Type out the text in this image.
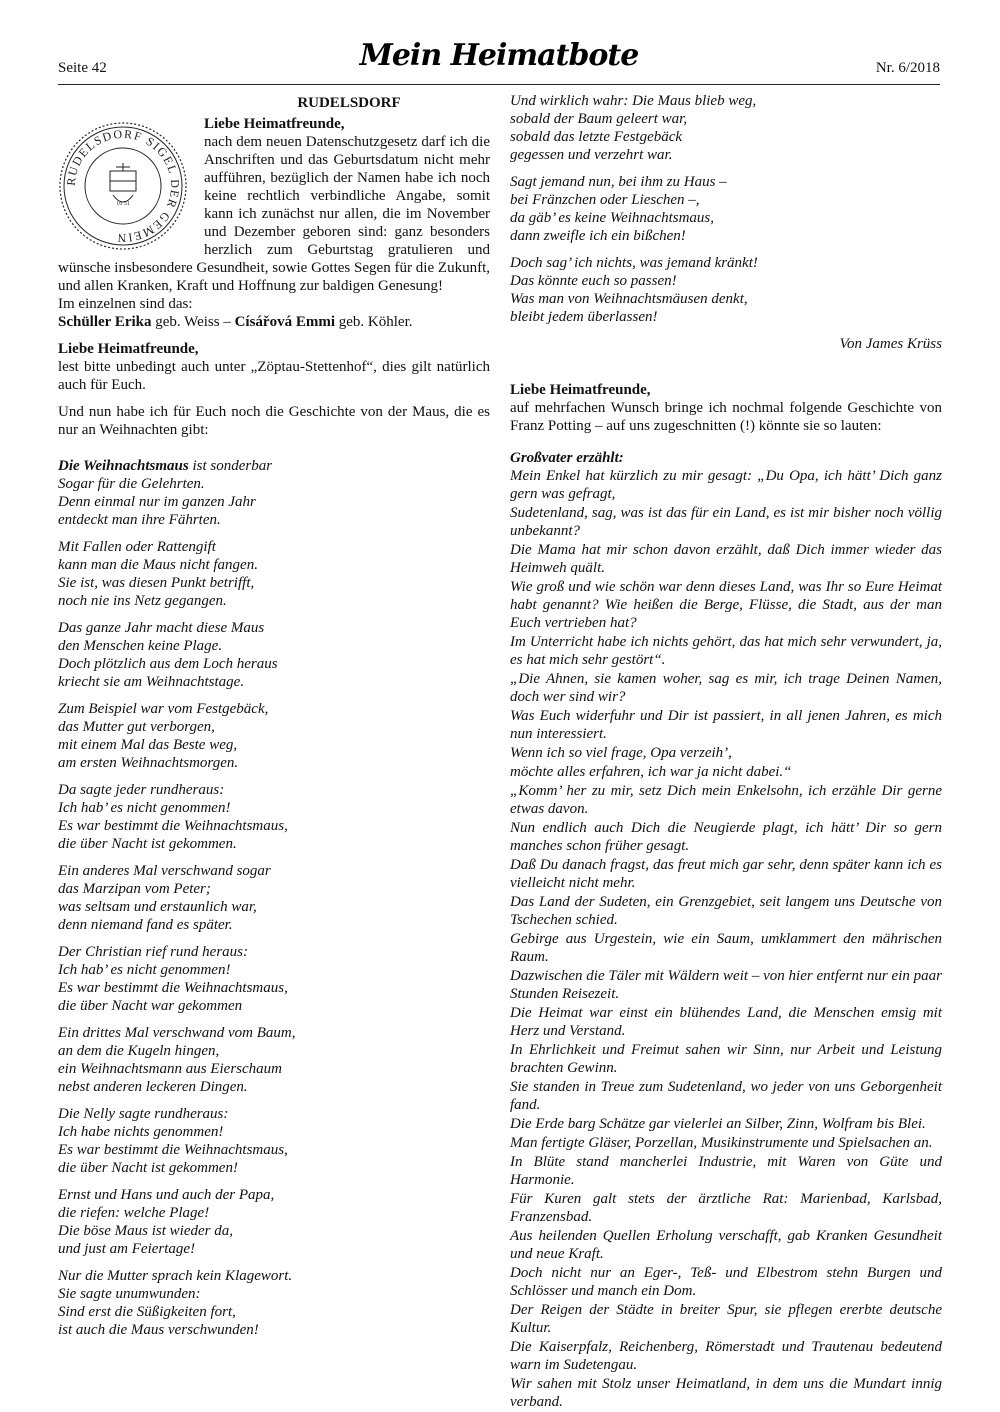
Seite 42	Mein Heimatbote	Nr. 6/2018
RUDELSDORF
RUDELSDORF SIGEL DER GEMEIN
16 51
Liebe Heimatfreunde,

nach dem neuen Datenschutzgesetz darf ich die Anschriften und das Geburtsdatum nicht mehr aufführen, bezüglich der Namen habe ich noch keine rechtlich verbindliche Angabe, somit kann ich zunächst nur allen, die im November und Dezember geboren sind: ganz besonders herzlich zum Geburtstag gratulieren und wünsche insbesondere Gesundheit, sowie Gottes Segen für die Zukunft, und allen Kranken, Kraft und Hoffnung zur baldigen Genesung!

Im einzelnen sind das:

Schüller Erika geb. Weiss – Císářová Emmi geb. Köhler.

Liebe Heimatfreunde,

lest bitte unbedingt auch unter „Zöptau-Stettenhof“, dies gilt natürlich auch für Euch.

Und nun habe ich für Euch noch die Geschichte von der Maus, die es nur an Weihnachten gibt:

Die Weihnachtsmaus ist sonderbar
Sogar für die Gelehrten.
Denn einmal nur im ganzen Jahr
entdeckt man ihre Fährten.
Mit Fallen oder Rattengift
kann man die Maus nicht fangen.
Sie ist, was diesen Punkt betrifft,
noch nie ins Netz gegangen.
Das ganze Jahr macht diese Maus
den Menschen keine Plage.
Doch plötzlich aus dem Loch heraus
kriecht sie am Weihnachtstage.
Zum Beispiel war vom Festgebäck,
das Mutter gut verborgen,
mit einem Mal das Beste weg,
am ersten Weihnachtsmorgen.
Da sagte jeder rundheraus:
Ich hab’ es nicht genommen!
Es war bestimmt die Weihnachtsmaus,
die über Nacht ist gekommen.
Ein anderes Mal verschwand sogar
das Marzipan vom Peter;
was seltsam und erstaunlich war,
denn niemand fand es später.
Der Christian rief rund heraus:
Ich hab’ es nicht genommen!
Es war bestimmt die Weihnachtsmaus,
die über Nacht war gekommen
Ein drittes Mal verschwand vom Baum,
an dem die Kugeln hingen,
ein Weihnachtsmann aus Eierschaum
nebst anderen leckeren Dingen.
Die Nelly sagte rundheraus:
Ich habe nichts genommen!
Es war bestimmt die Weihnachtsmaus,
die über Nacht ist gekommen!
Ernst und Hans und auch der Papa,
die riefen: welche Plage!
Die böse Maus ist wieder da,
und just am Feiertage!
Nur die Mutter sprach kein Klagewort.
Sie sagte unumwunden:
Sind erst die Süßigkeiten fort,
ist auch die Maus verschwunden!
Und wirklich wahr: Die Maus blieb weg,
sobald der Baum geleert war,
sobald das letzte Festgebäck
gegessen und verzehrt war.
Sagt jemand nun, bei ihm zu Haus –
bei Fränzchen oder Lieschen –,
da gäb’ es keine Weihnachtsmaus,
dann zweifle ich ein bißchen!
Doch sag’ ich nichts, was jemand kränkt!
Das könnte euch so passen!
Was man von Weihnachtsmäusen denkt,
bleibt jedem überlassen!
Von James Krüss
Liebe Heimatfreunde,

auf mehrfachen Wunsch bringe ich nochmal folgende Geschichte von Franz Potting – auf uns zugeschnitten (!) könnte sie so lauten:

Großvater erzählt:

Mein Enkel hat kürzlich zu mir gesagt: „Du Opa, ich hätt’ Dich ganz gern was gefragt,

Sudetenland, sag, was ist das für ein Land, es ist mir bisher noch völlig unbekannt?

Die Mama hat mir schon davon erzählt, daß Dich immer wieder das Heimweh quält.

Wie groß und wie schön war denn dieses Land, was Ihr so Eure Heimat habt genannt? Wie heißen die Berge, Flüsse, die Stadt, aus der man Euch vertrieben hat?

Im Unterricht habe ich nichts gehört, das hat mich sehr verwundert, ja, es hat mich sehr gestört“.

„Die Ahnen, sie kamen woher, sag es mir, ich trage Deinen Namen, doch wer sind wir?

Was Euch widerfuhr und Dir ist passiert, in all jenen Jahren, es mich nun interessiert.

Wenn ich so viel frage, Opa verzeih’,

möchte alles erfahren, ich war ja nicht dabei.“

„Komm’ her zu mir, setz Dich mein Enkelsohn, ich erzähle Dir gerne etwas davon.

Nun endlich auch Dich die Neugierde plagt, ich hätt’ Dir so gern manches schon früher gesagt.

Daß Du danach fragst, das freut mich gar sehr, denn später kann ich es vielleicht nicht mehr.

Das Land der Sudeten, ein Grenzgebiet, seit langem uns Deutsche von Tschechen schied.

Gebirge aus Urgestein, wie ein Saum, umklammert den mährischen Raum.

Dazwischen die Täler mit Wäldern weit – von hier entfernt nur ein paar Stunden Reisezeit.

Die Heimat war einst ein blühendes Land, die Menschen emsig mit Herz und Verstand.

In Ehrlichkeit und Freimut sahen wir Sinn, nur Arbeit und Leistung brachten Gewinn.

Sie standen in Treue zum Sudetenland, wo jeder von uns Geborgenheit fand.

Die Erde barg Schätze gar vielerlei an Silber, Zinn, Wolfram bis Blei.

Man fertigte Gläser, Porzellan, Musikinstrumente und Spielsachen an.

In Blüte stand mancherlei Industrie, mit Waren von Güte und Harmonie.

Für Kuren galt stets der ärztliche Rat: Marienbad, Karlsbad, Franzensbad.

Aus heilenden Quellen Erholung verschafft, gab Kranken Gesundheit und neue Kraft.

Doch nicht nur an Eger-, Teß- und Elbestrom stehn Burgen und Schlösser und manch ein Dom.

Der Reigen der Städte in breiter Spur, sie pflegen ererbte deutsche Kultur.

Die Kaiserpfalz, Reichenberg, Römerstadt und Trautenau bedeutend warn im Sudetengau.

Wir sahen mit Stolz unser Heimatland, in dem uns die Mundart innig verband.
